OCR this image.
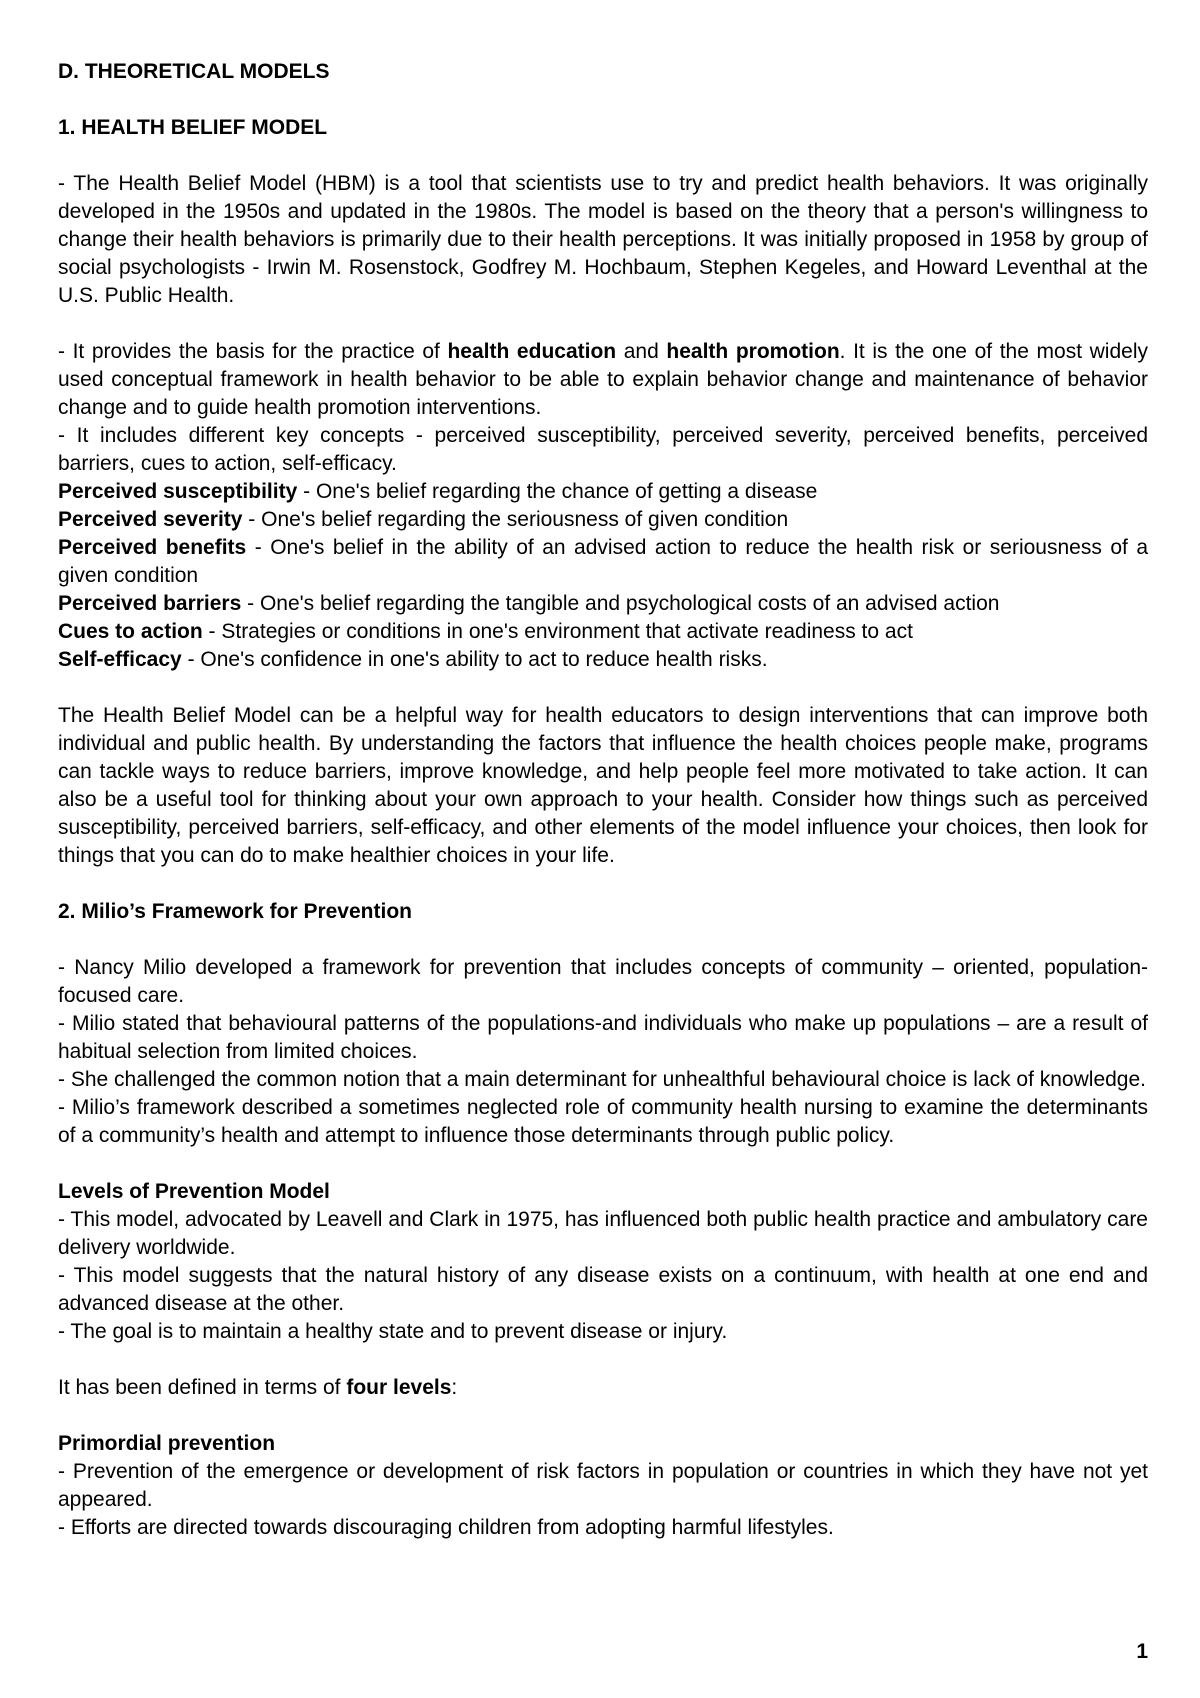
D. THEORETICAL MODELS

1. HEALTH BELIEF MODEL

- The Health Belief Model (HBM) is a tool that scientists use to try and predict health behaviors. It was originally developed in the 1950s and updated in the 1980s. The model is based on the theory that a person's willingness to change their health behaviors is primarily due to their health perceptions. It was initially proposed in 1958 by group of social psychologists - Irwin M. Rosenstock, Godfrey M. Hochbaum, Stephen Kegeles, and Howard Leventhal at the U.S. Public Health.

- It provides the basis for the practice of health education and health promotion. It is the one of the most widely used conceptual framework in health behavior to be able to explain behavior change and maintenance of behavior change and to guide health promotion interventions.

- It includes different key concepts - perceived susceptibility, perceived severity, perceived benefits, perceived barriers, cues to action, self-efficacy.

Perceived susceptibility - One's belief regarding the chance of getting a disease

Perceived severity - One's belief regarding the seriousness of given condition

Perceived benefits - One's belief in the ability of an advised action to reduce the health risk or seriousness of a given condition

Perceived barriers - One's belief regarding the tangible and psychological costs of an advised action

Cues to action - Strategies or conditions in one's environment that activate readiness to act

Self-efficacy - One's confidence in one's ability to act to reduce health risks.

The Health Belief Model can be a helpful way for health educators to design interventions that can improve both individual and public health. By understanding the factors that influence the health choices people make, programs can tackle ways to reduce barriers, improve knowledge, and help people feel more motivated to take action. It can also be a useful tool for thinking about your own approach to your health. Consider how things such as perceived susceptibility, perceived barriers, self-efficacy, and other elements of the model influence your choices, then look for things that you can do to make healthier choices in your life.

2. Milio’s Framework for Prevention

- Nancy Milio developed a framework for prevention that includes concepts of community – oriented, population- focused care.

- Milio stated that behavioural patterns of the populations-and individuals who make up populations – are a result of habitual selection from limited choices.

- She challenged the common notion that a main determinant for unhealthful behavioural choice is lack of knowledge.

- Milio’s framework described a sometimes neglected role of community health nursing to examine the determinants of a community’s health and attempt to influence those determinants through public policy.

Levels of Prevention Model

- This model, advocated by Leavell and Clark in 1975, has influenced both public health practice and ambulatory care delivery worldwide.

- This model suggests that the natural history of any disease exists on a continuum, with health at one end and advanced disease at the other.

- The goal is to maintain a healthy state and to prevent disease or injury.

It has been defined in terms of four levels:

Primordial prevention

- Prevention of the emergence or development of risk factors in population or countries in which they have not yet appeared.

- Efforts are directed towards discouraging children from adopting harmful lifestyles.

1
